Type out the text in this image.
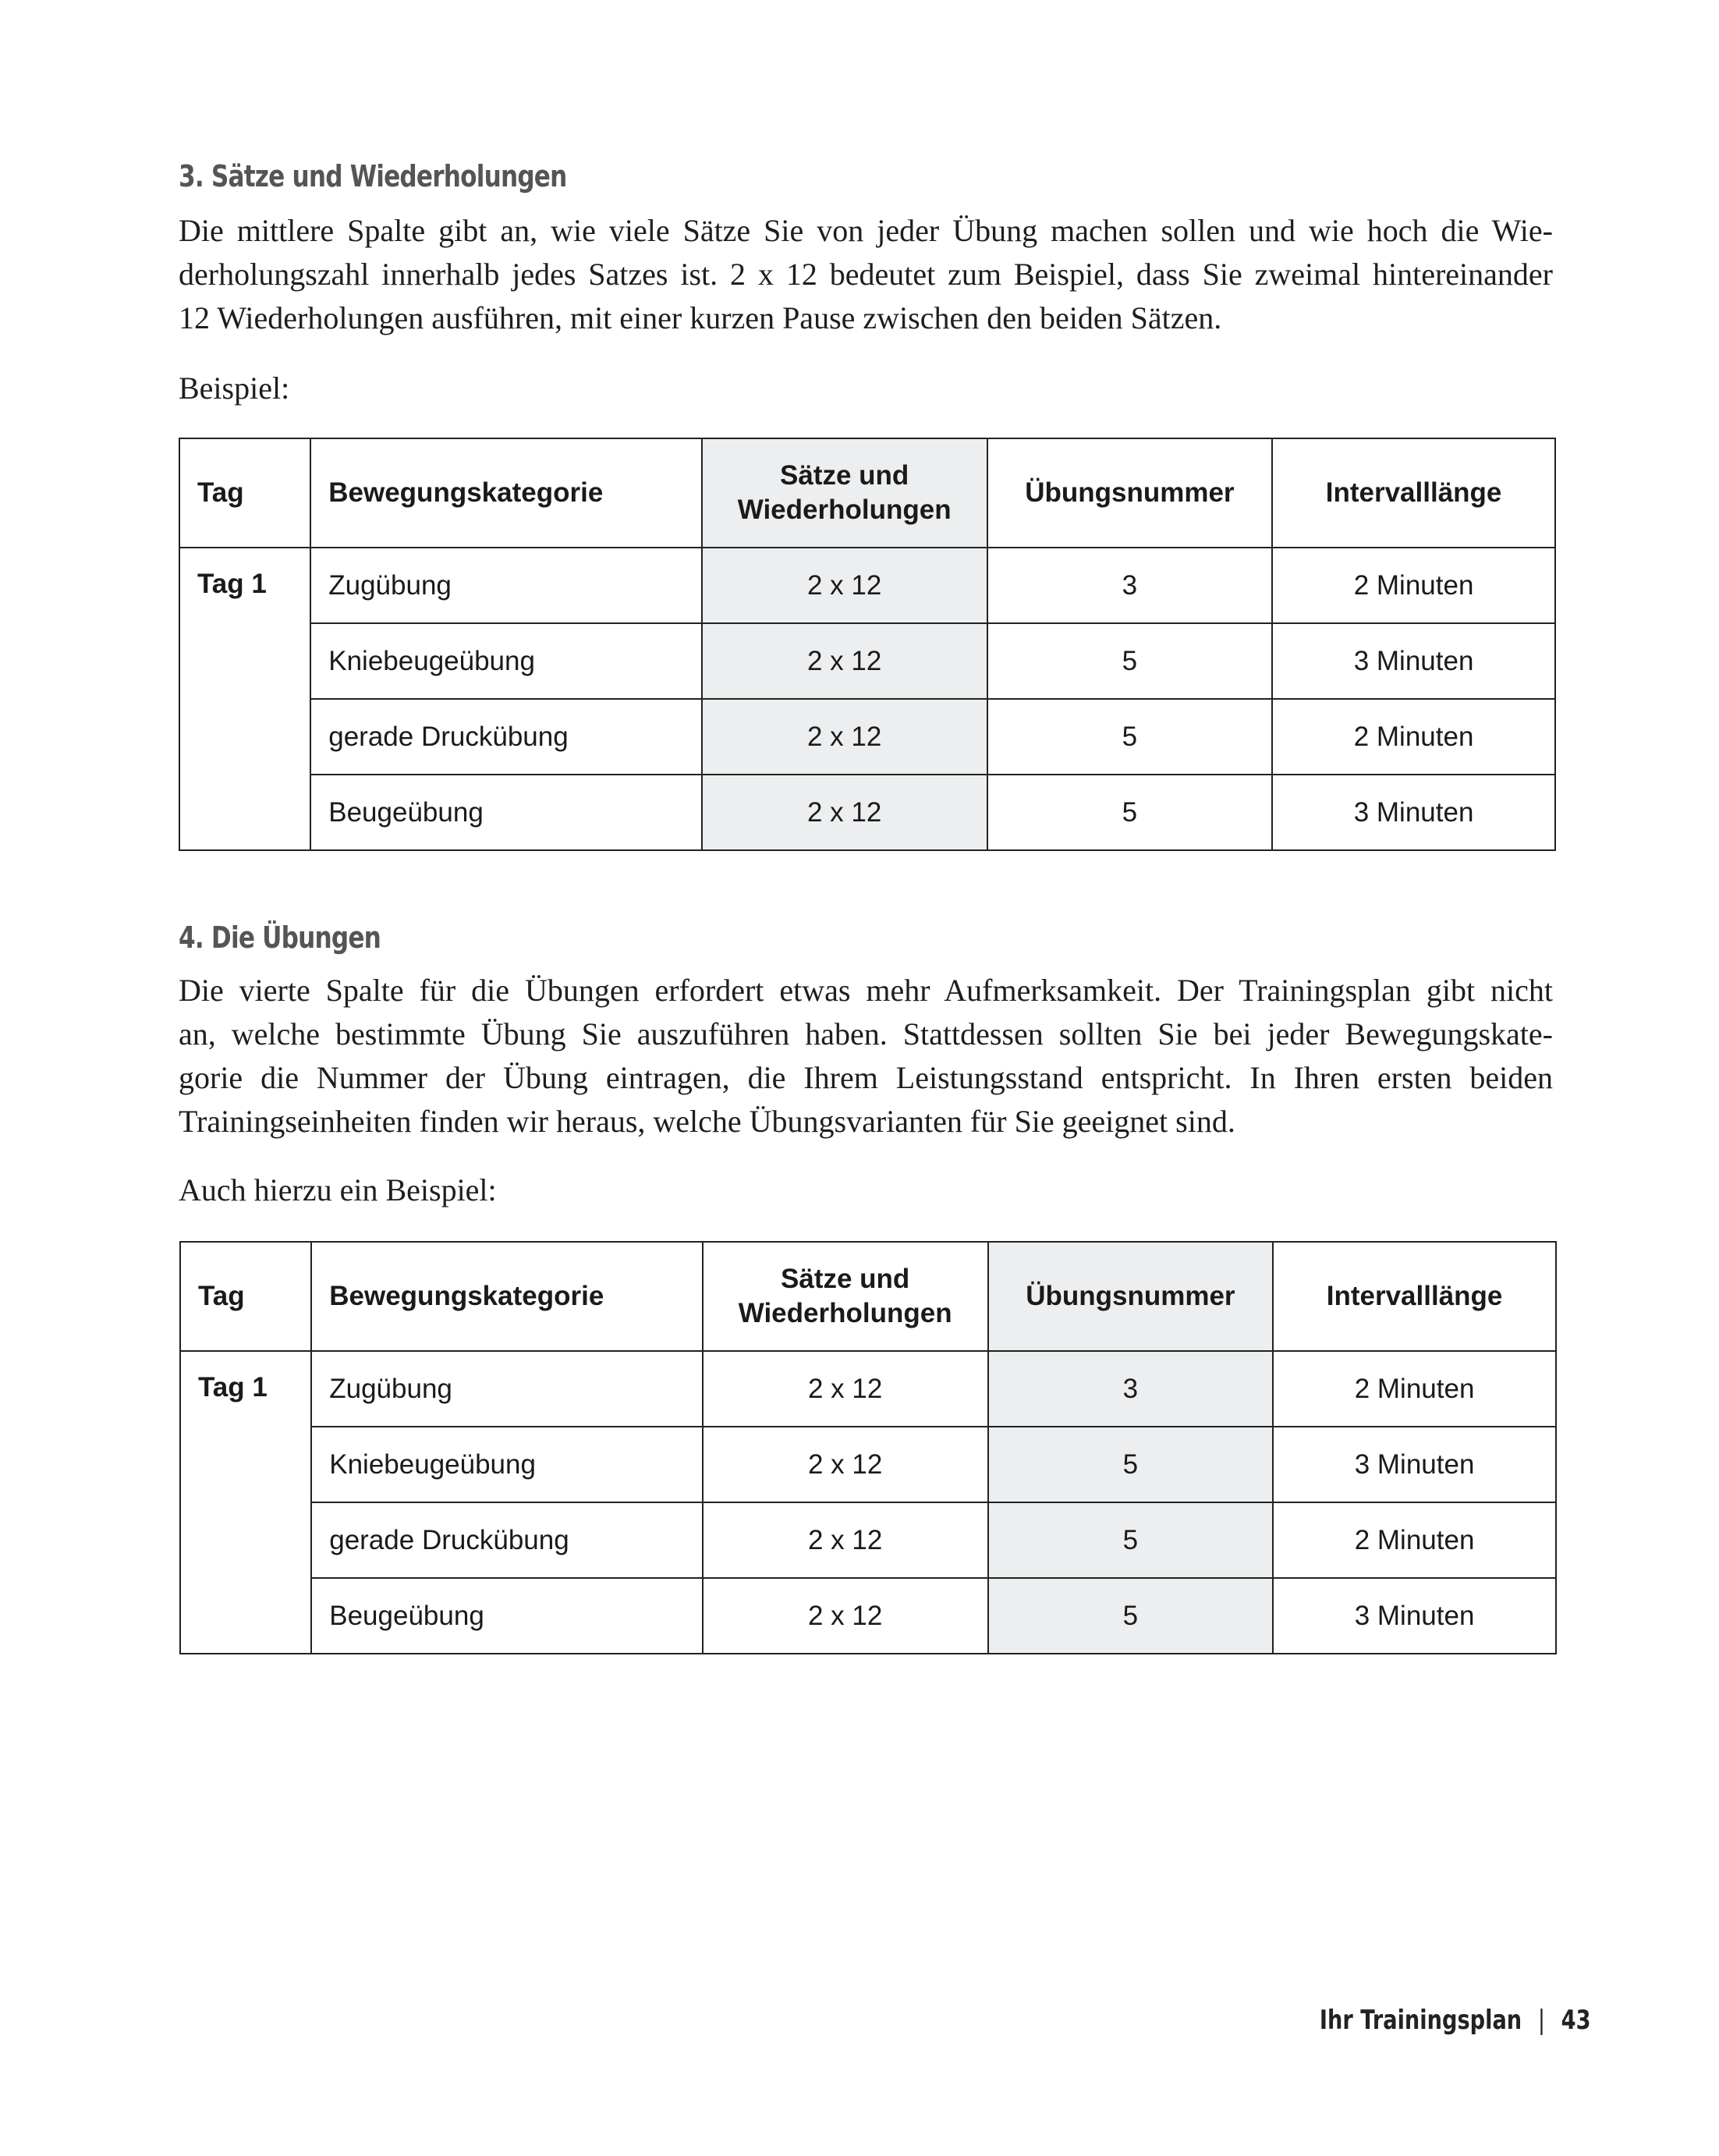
3. Sätze und Wiederholungen

Die mittlere Spalte gibt an, wie viele Sätze Sie von jeder Übung machen sollen und wie hoch die Wie-
derholungszahl innerhalb jedes Satzes ist. 2 x 12 bedeutet zum Beispiel, dass Sie zweimal hintereinander
12 Wiederholungen ausführen, mit einer kurzen Pause zwischen den beiden Sätzen.

Beispiel:

Tag	Bewegungskategorie	Sätze und
Wiederholungen	Übungsnummer	Intervalllänge
Tag 1	Zugübung	2 x 12	3	2 Minuten
	Kniebeugeübung	2 x 12	5	3 Minuten
	gerade Druckübung	2 x 12	5	2 Minuten
	Beugeübung	2 x 12	5	3 Minuten
4. Die Übungen

Die vierte Spalte für die Übungen erfordert etwas mehr Aufmerksamkeit. Der Trainingsplan gibt nicht
an, welche bestimmte Übung Sie auszuführen haben. Stattdessen sollten Sie bei jeder Bewegungskate-
gorie die Nummer der Übung eintragen, die Ihrem Leistungsstand entspricht. In Ihren ersten beiden
Trainingseinheiten finden wir heraus, welche Übungsvarianten für Sie geeignet sind.

Auch hierzu ein Beispiel:

Tag	Bewegungskategorie	Sätze und
Wiederholungen	Übungsnummer	Intervalllänge
Tag 1	Zugübung	2 x 12	3	2 Minuten
	Kniebeugeübung	2 x 12	5	3 Minuten
	gerade Druckübung	2 x 12	5	2 Minuten
	Beugeübung	2 x 12	5	3 Minuten

Ihr Trainingsplan | 43
